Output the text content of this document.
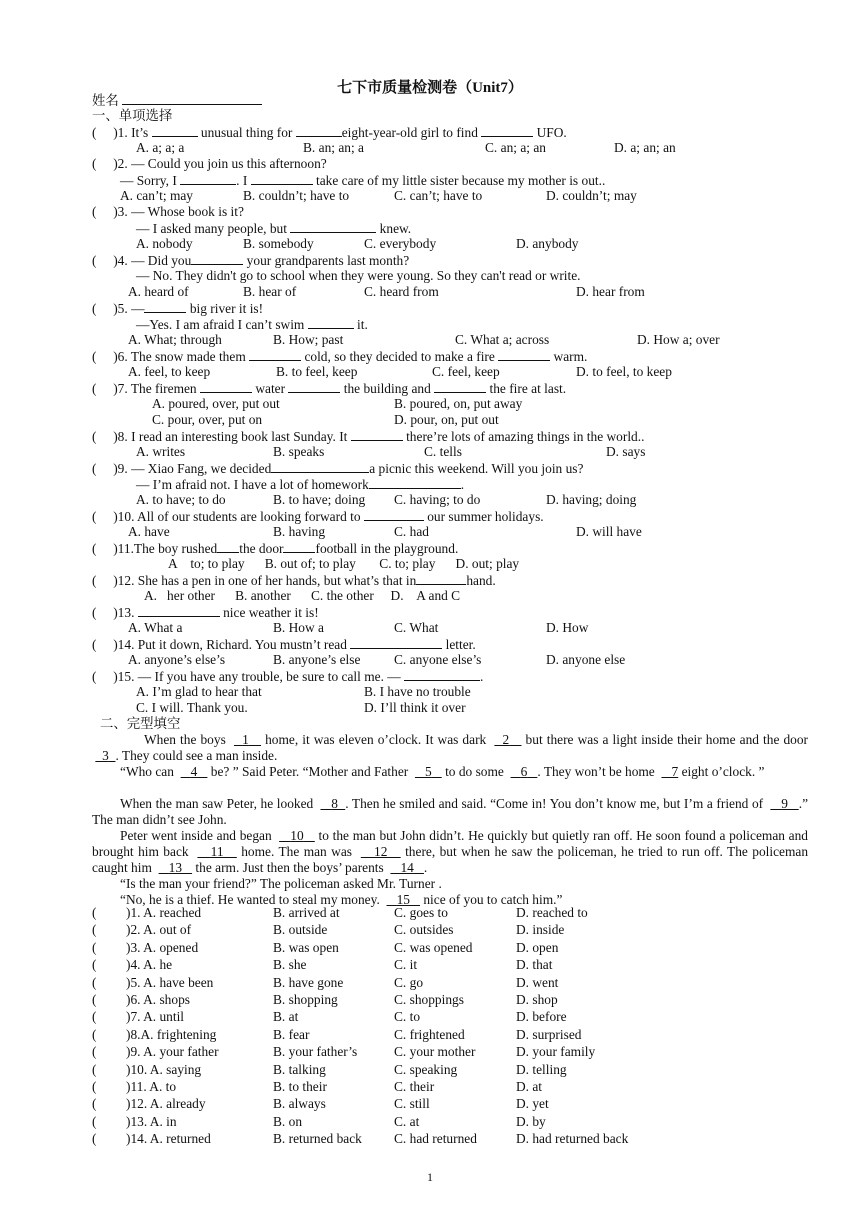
七下市质量检测卷（Unit7）
姓名
一、单项选择
( )1. It’s	unusual thing for	eight-year-old girl to find	UFO.
A. a; a; a	B. an; an; a	C. an; a; an	D. a; an; an
( )2. — Could you join us this afternoon?
— Sorry, I	. I	take care of my little sister because my mother is out..
A. can’t; may	B. couldn’t; have to	C. can’t; have to	D. couldn’t; may
( )3. — Whose book is it?
— I asked many people, but	knew.
A. nobody	B. somebody	C. everybody	D. anybody
( )4. — Did you	your grandparents last month?
— No. They didn't go to school when they were young. So they can't read or write.
A. heard of	B. hear of	C. heard from	D. hear from
( )5. —	big river it is!
—Yes. I am afraid I can’t swim	it.
A. What; through	B. How; past	C. What a; across	D. How a; over
( )6. The snow made them	cold, so they decided to make a fire	warm.
A. feel, to keep	B. to feel, keep	C. feel, keep	D. to feel, to keep
( )7. The firemen	water	the building and	the fire at last.
A. poured, over, put out	B. poured, on, put away
C. pour, over, put on	D. pour, on, put out
( )8. I read an interesting book last Sunday. It	there’re lots of amazing things in the world..
A. writes	B. speaks	C. tells	D. says
( )9. — Xiao Fang, we decided	a picnic this weekend. Will you join us?
— I’m afraid not. I have a lot of homework	.
A. to have; to do	B. to have; doing C. having; to do	D. having; doing
( )10. All of our students are looking forward to	our summer holidays.
A. have	B. having	C. had	D. will have
( )11.The boy rushed the door football in the playground.
A    to; to play      B. out of; to play       C. to; play      D. out; play
( )12. She has a pen in one of her hands, but what’s that in	hand.
A.   her other      B. another      C. the other     D.    A and C
( )13.	nice weather it is!
A. What a	B. How a	C. What	D. How
( )14. Put it down, Richard. You mustn’t read	letter.
A. anyone’s else’s	B. anyone’s else	C. anyone else’s	D. anyone else
( )15. — If you have any trouble, be sure to call me. —	.
A. I’m glad to hear that	B. I have no trouble
C. I will. Thank you.	D. I’ll think it over
二、完型填空
When the boys    1    home, it was eleven o’clock. It was dark    2    but there was a light inside their home and the door    3 . They could see a man inside.
“Who can     4    be? ” Said Peter. “Mother and Father     5    to do some     6 . They won’t be home     7 eight o’clock. ”
When the man saw Peter, he looked     8 . Then he smiled and said. “Come in! You don’t know me, but I’m a friend of     9 .” The man didn’t see John.
Peter went inside and began     10    to the man but John didn’t. He quickly but quietly ran off. He soon found a policeman and brought him back     11    home. The man was     12    there, but when he saw the policeman, he tried to run off. The policeman caught him     13    the arm. Just then the boys’ parents     14 .
“Is the man your friend?” The policeman asked Mr. Turner .
“No, he is a thief. He wanted to steal my money.     15    nice of you to catch him.”
( )1. A. reached	B. arrived at	C. goes to	D. reached to
( )2. A. out of	B. outside	C. outsides	D. inside
( )3. A. opened	B. was open	C. was opened	D. open
( )4. A. he	B. she	C. it	D. that
( )5. A. have been	B. have gone	C. go	D. went
( )6. A. shops	B. shopping	C. shoppings	D. shop
( )7. A. until	B. at	C. to	D. before
( )8.A. frightening	B. fear	C. frightened	D. surprised
( )9. A. your father	B. your father’s	C. your mother	D. your family
( )10. A. saying	B. talking	C. speaking	D. telling
( )11. A. to	B. to their	C. their	D. at
( )12. A. already	B. always	C. still	D. yet
( )13. A. in	B. on	C. at	D. by
( )14. A. returned	B. returned back C. had returned	D. had returned back
1
